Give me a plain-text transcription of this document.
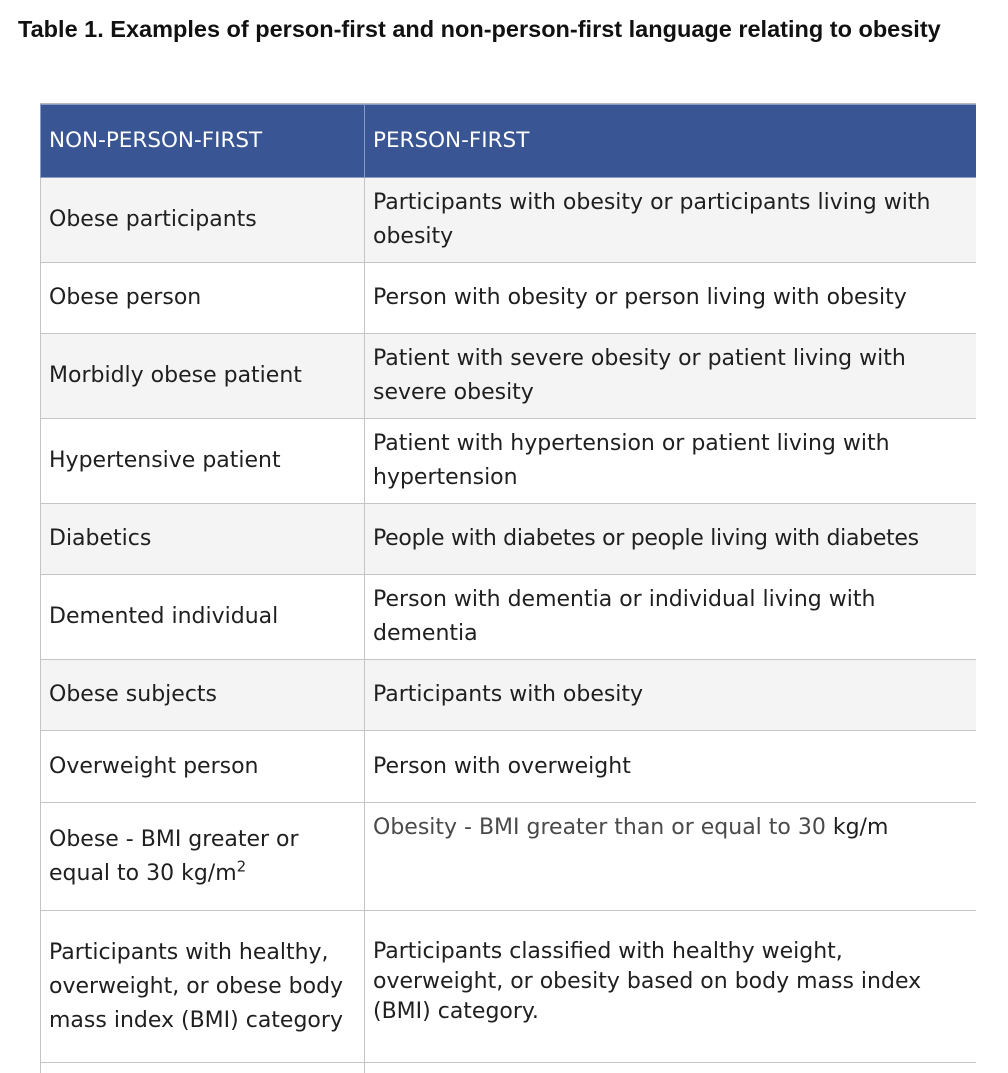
Table 1. Examples of person-first and non-person-first language relating to obesity
NON-PERSON-FIRST	PERSON-FIRST
Obese participants	Participants with obesity or participants living with obesity
Obese person	Person with obesity or person living with obesity
Morbidly obese patient	Patient with severe obesity or patient living with severe obesity
Hypertensive patient	Patient with hypertension or patient living with hypertension
Diabetics	People with diabetes or people living with diabetes
Demented individual	Person with dementia or individual living with dementia
Obese subjects	Participants with obesity
Overweight person	Person with overweight
Obese - BMI greater or equal to 30 $kg/m^2$	Obesity - BMI greater than or equal to 30 kg/m
Participants with healthy, overweight, or obese body mass index (BMI) category	Participants classified with healthy weight, overweight, or obesity based on body mass index (BMI) category.
